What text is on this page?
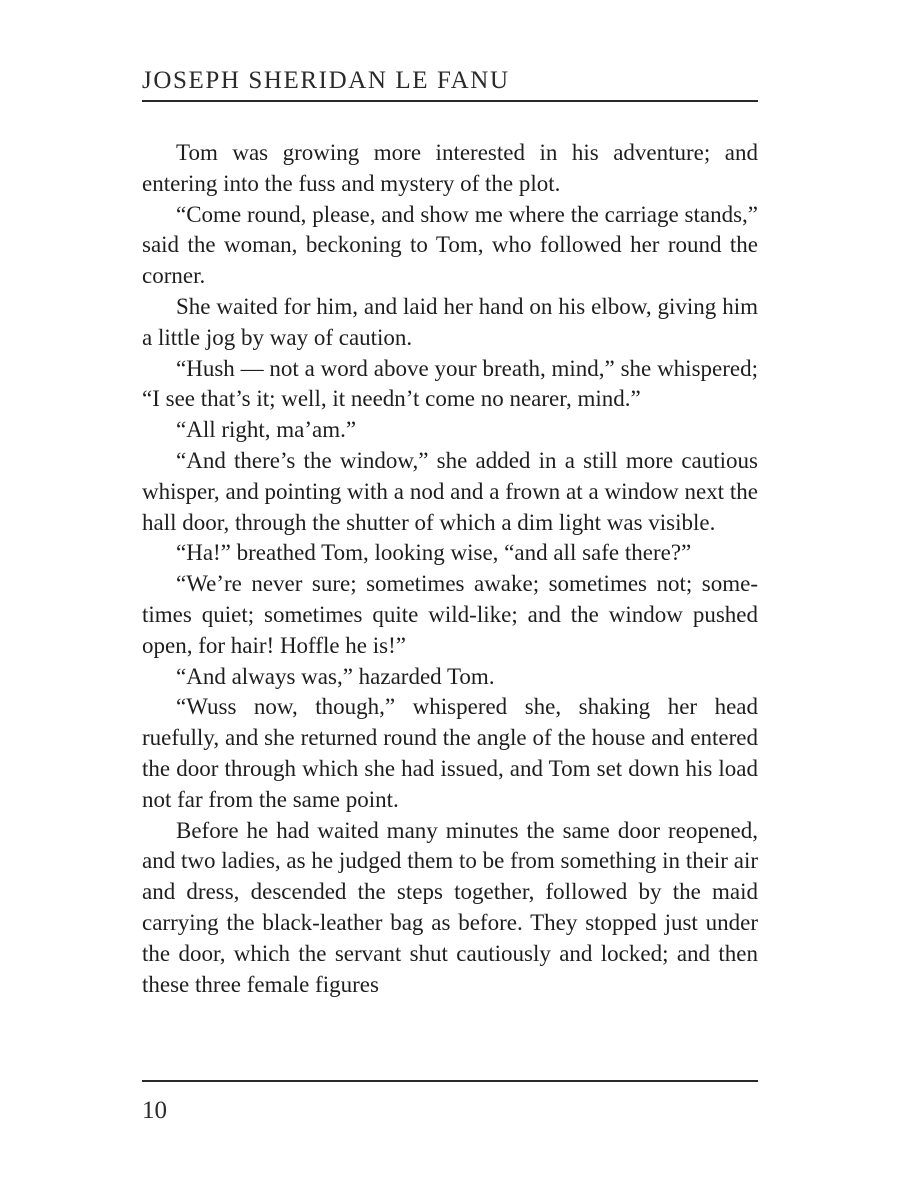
JOSEPH SHERIDAN LE FANU

Tom was growing more interested in his adventure; and entering into the fuss and mystery of the plot.

“Come round, please, and show me where the carriage stands,” said the woman, beckoning to Tom, who followed her round the corner.

She waited for him, and laid her hand on his elbow, giving him a little jog by way of caution.

“Hush — not a word above your breath, mind,” she whispered; “I see that’s it; well, it needn’t come no nearer, mind.”

“All right, ma’am.”

“And there’s the window,” she added in a still more cautious whisper, and pointing with a nod and a frown at a window next the hall door, through the shutter of which a dim light was visible.

“Ha!” breathed Tom, looking wise, “and all safe there?”

“We’re never sure; sometimes awake; sometimes not; sometimes quiet; sometimes quite wild-like; and the window pushed open, for hair! Hoffle he is!”

“And always was,” hazarded Tom.

“Wuss now, though,” whispered she, shaking her head ruefully, and she returned round the angle of the house and entered the door through which she had issued, and Tom set down his load not far from the same point.

Before he had waited many minutes the same door reopened, and two ladies, as he judged them to be from something in their air and dress, descended the steps together, followed by the maid carrying the black-leather bag as before. They stopped just under the door, which the servant shut cautiously and locked; and then these three female figures

10
